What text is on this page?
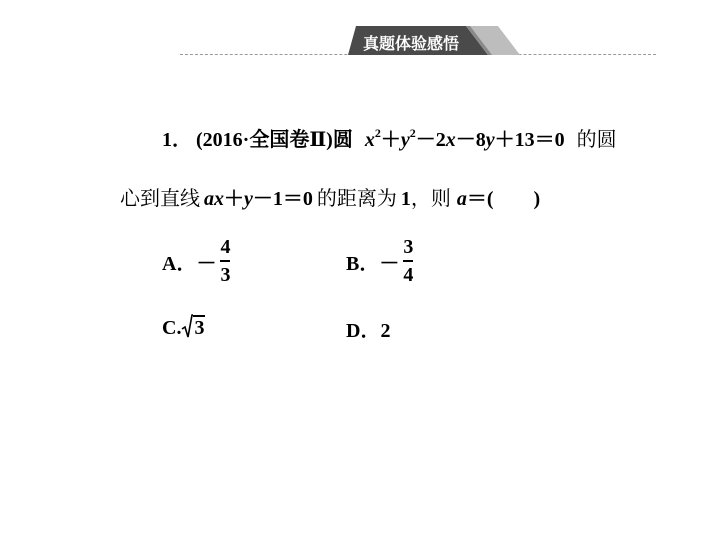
真题体验感悟
1． (2016·全国卷Ⅱ)圆 $x^2+y^2-2x-8y+13=0$ 的圆
心到直线 ax＋y－1＝0 的距离为 1，则 a＝(　　)
A．－ $\frac{4}{3}$	B．－ $\frac{3}{4}$
C. 3	D．2
